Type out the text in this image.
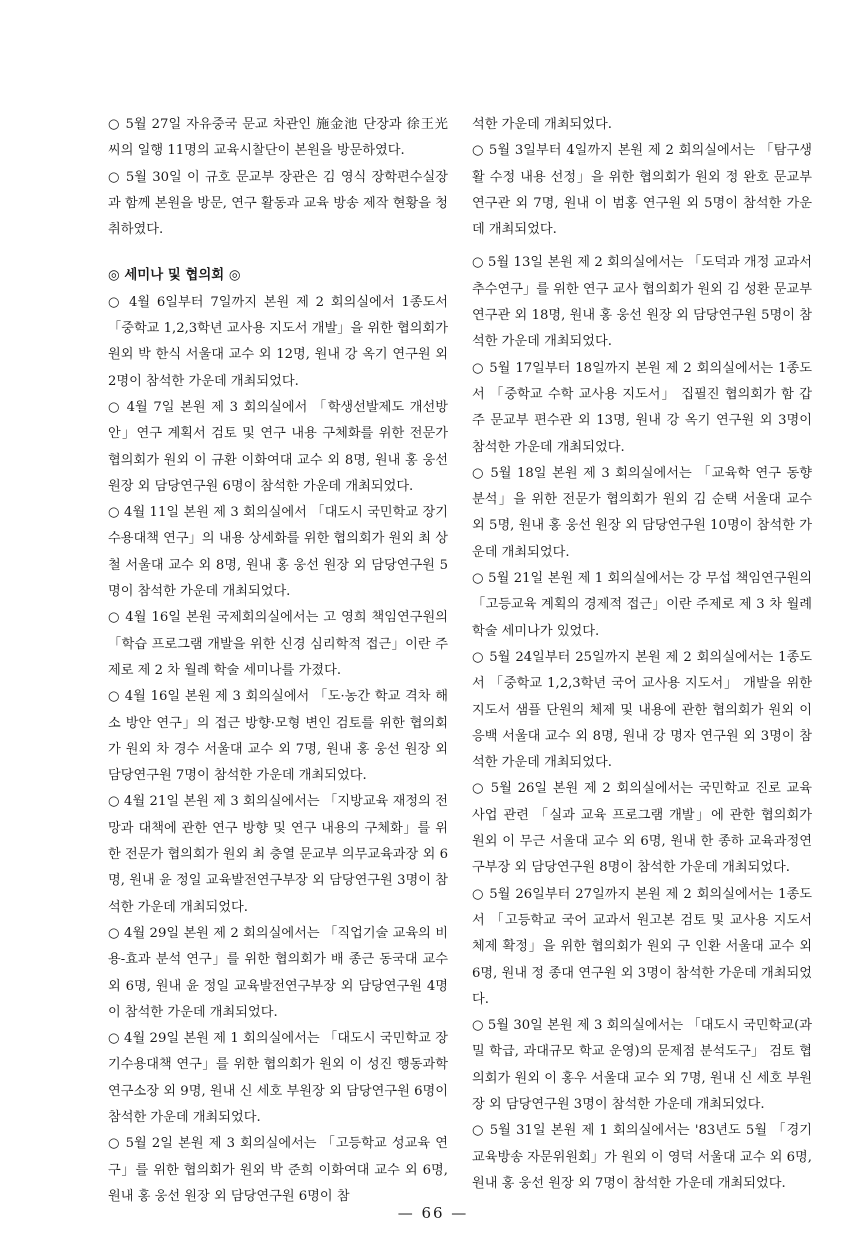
○ 5월 27일 자유중국 문교 차관인 施金池 단장과 徐王光 씨의 일행 11명의 교육시찰단이 본원을 방문하였다.

○ 5월 30일 이 규호 문교부 장관은 김 영식 장학편수실장과 함께 본원을 방문, 연구 활동과 교육 방송 제작 현황을 청취하였다.

◎ 세미나 및 협의회 ◎

○ 4월 6일부터 7일까지 본원 제 2 회의실에서 1종도서 「중학교 1,2,3학년 교사용 지도서 개발」을 위한 협의회가 원외 박 한식 서울대 교수 외 12명, 원내 강 옥기 연구원 외 2명이 참석한 가운데 개최되었다.

○ 4월 7일 본원 제 3 회의실에서 「학생선발제도 개선방안」연구 계획서 검토 및 연구 내용 구체화를 위한 전문가 협의회가 원외 이 규환 이화여대 교수 외 8명, 원내 홍 웅선 원장 외 담당연구원 6명이 참석한 가운데 개최되었다.

○ 4월 11일 본원 제 3 회의실에서 「대도시 국민학교 장기수용대책 연구」의 내용 상세화를 위한 협의회가 원외 최 상철 서울대 교수 외 8명, 원내 홍 웅선 원장 외 담당연구원 5명이 참석한 가운데 개최되었다.

○ 4월 16일 본원 국제회의실에서는 고 영희 책임연구원의 「학습 프로그램 개발을 위한 신경 심리학적 접근」이란 주제로 제 2 차 월례 학술 세미나를 가졌다.

○ 4월 16일 본원 제 3 회의실에서 「도·농간 학교 격차 해소 방안 연구」의 접근 방향·모형 변인 검토를 위한 협의회가 원외 차 경수 서울대 교수 외 7명, 원내 홍 웅선 원장 외 담당연구원 7명이 참석한 가운데 개최되었다.

○ 4월 21일 본원 제 3 회의실에서는 「지방교육 재정의 전망과 대책에 관한 연구 방향 및 연구 내용의 구체화」를 위한 전문가 협의회가 원외 최 충열 문교부 의무교육과장 외 6명, 원내 윤 정일 교육발전연구부장 외 담당연구원 3명이 참석한 가운데 개최되었다.

○ 4월 29일 본원 제 2 회의실에서는 「직업기술 교육의 비용-효과 분석 연구」를 위한 협의회가 배 종근 동국대 교수 외 6명, 원내 윤 정일 교육발전연구부장 외 담당연구원 4명이 참석한 가운데 개최되었다.

○ 4월 29일 본원 제 1 회의실에서는 「대도시 국민학교 장기수용대책 연구」를 위한 협의회가 원외 이 성진 행동과학연구소장 외 9명, 원내 신 세호 부원장 외 담당연구원 6명이 참석한 가운데 개최되었다.

○ 5월 2일 본원 제 3 회의실에서는 「고등학교 성교육 연구」를 위한 협의회가 원외 박 준희 이화여대 교수 외 6명, 원내 홍 웅선 원장 외 담당연구원 6명이 참

석한 가운데 개최되었다.

○ 5월 3일부터 4일까지 본원 제 2 회의실에서는 「탐구생활 수정 내용 선정」을 위한 협의회가 원외 정 완호 문교부 연구관 외 7명, 원내 이 범홍 연구원 외 5명이 참석한 가운데 개최되었다.

○ 5월 13일 본원 제 2 회의실에서는 「도덕과 개정 교과서 추수연구」를 위한 연구 교사 협의회가 원외 김 성환 문교부 연구관 외 18명, 원내 홍 웅선 원장 외 담당연구원 5명이 참석한 가운데 개최되었다.

○ 5월 17일부터 18일까지 본원 제 2 회의실에서는 1종도서 「중학교 수학 교사용 지도서」 집필진 협의회가 함 갑주 문교부 편수관 외 13명, 원내 강 옥기 연구원 외 3명이 참석한 가운데 개최되었다.

○ 5월 18일 본원 제 3 회의실에서는 「교육학 연구 동향 분석」을 위한 전문가 협의회가 원외 김 순택 서울대 교수 외 5명, 원내 홍 웅선 원장 외 담당연구원 10명이 참석한 가운데 개최되었다.

○ 5월 21일 본원 제 1 회의실에서는 강 무섭 책임연구원의 「고등교육 계획의 경제적 접근」이란 주제로 제 3 차 월례 학술 세미나가 있었다.

○ 5월 24일부터 25일까지 본원 제 2 회의실에서는 1종도서 「중학교 1,2,3학년 국어 교사용 지도서」 개발을 위한 지도서 샘플 단원의 체제 및 내용에 관한 협의회가 원외 이 응백 서울대 교수 외 8명, 원내 강 명자 연구원 외 3명이 참석한 가운데 개최되었다.

○ 5월 26일 본원 제 2 회의실에서는 국민학교 진로 교육 사업 관련 「실과 교육 프로그램 개발」에 관한 협의회가 원외 이 무근 서울대 교수 외 6명, 원내 한 종하 교육과정연구부장 외 담당연구원 8명이 참석한 가운데 개최되었다.

○ 5월 26일부터 27일까지 본원 제 2 회의실에서는 1종도서 「고등학교 국어 교과서 원고본 검토 및 교사용 지도서 체제 확정」을 위한 협의회가 원외 구 인환 서울대 교수 외 6명, 원내 정 종대 연구원 외 3명이 참석한 가운데 개최되었다.

○ 5월 30일 본원 제 3 회의실에서는 「대도시 국민학교(과밀 학급, 과대규모 학교 운영)의 문제점 분석도구」 검토 협의회가 원외 이 홍우 서울대 교수 외 7명, 원내 신 세호 부원장 외 담당연구원 3명이 참석한 가운데 개최되었다.

○ 5월 31일 본원 제 1 회의실에서는 '83년도 5월 「경기 교육방송 자문위원회」가 원외 이 영덕 서울대 교수 외 6명, 원내 홍 웅선 원장 외 7명이 참석한 가운데 개최되었다.

— 66 —
